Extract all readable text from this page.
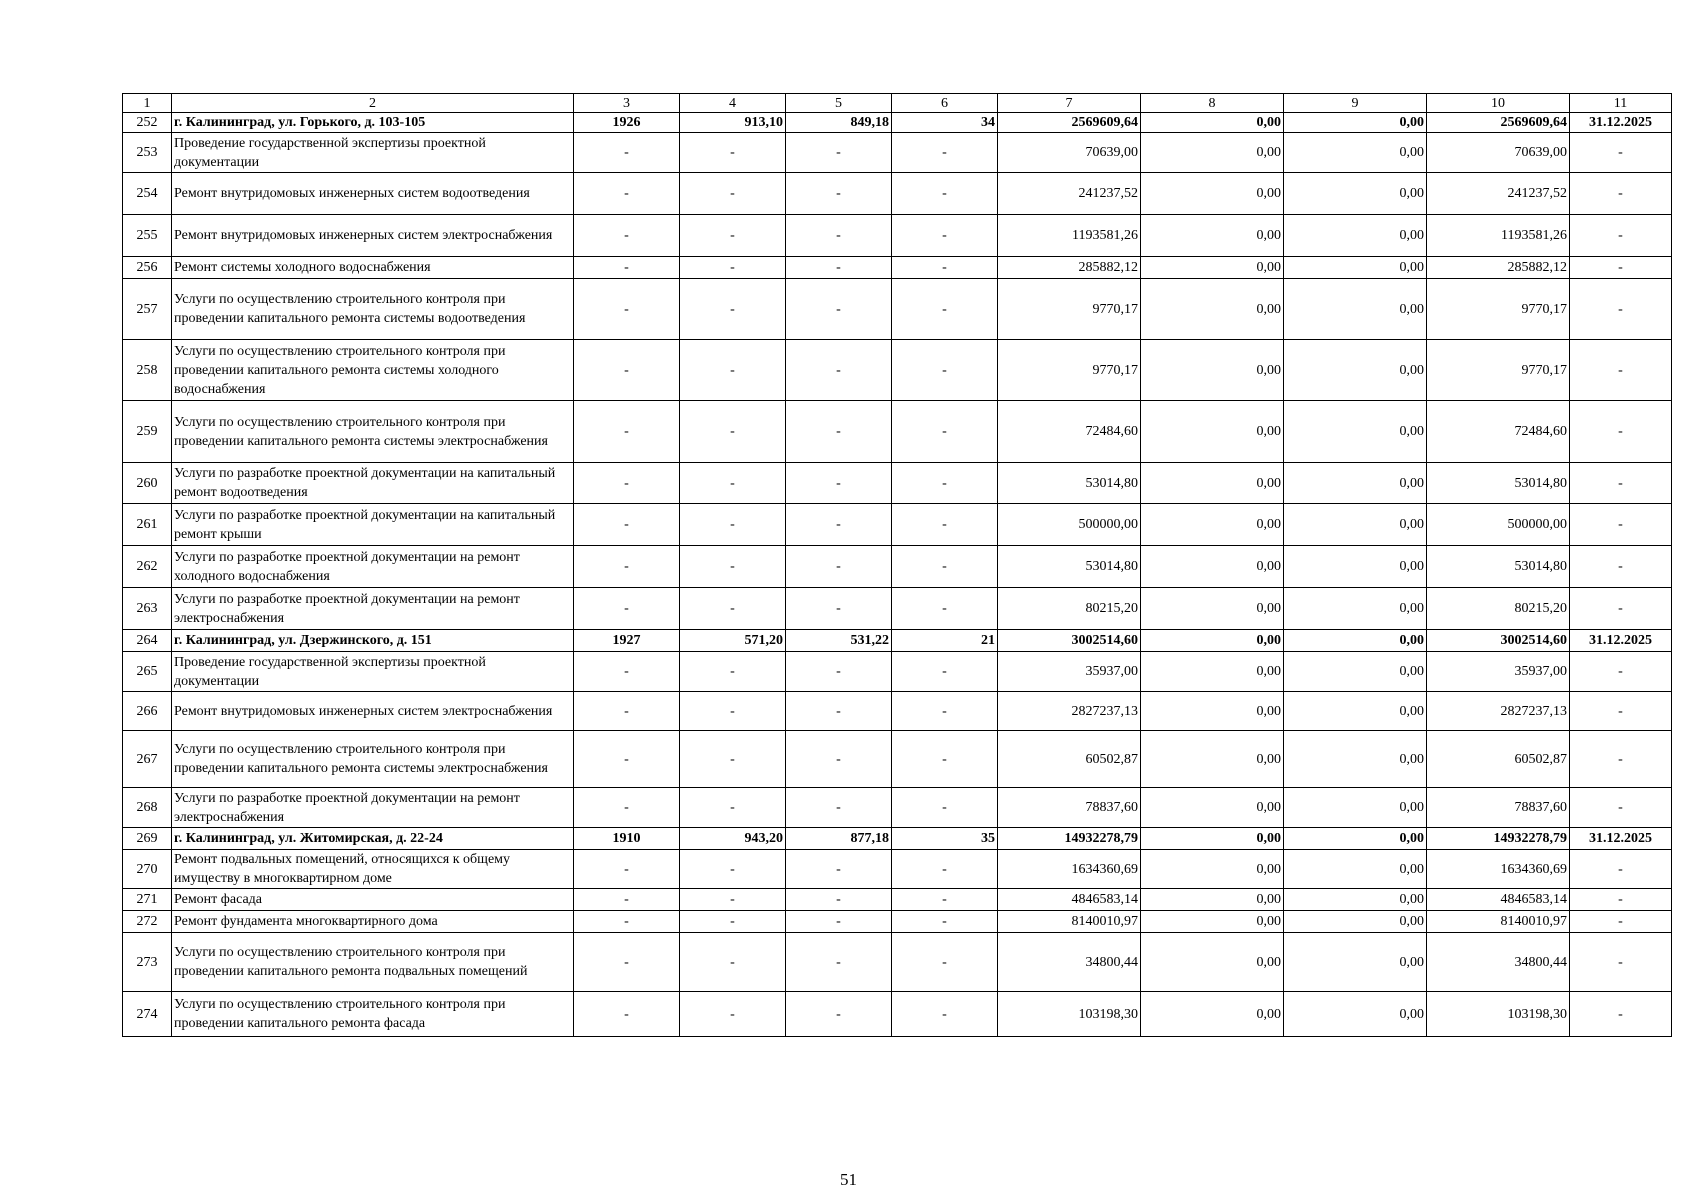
1	2	3	4	5	6	7	8	9	10	11
252	г. Калининград, ул. Горького, д. 103-105	1926	913,10	849,18	34	2569609,64	0,00	0,00	2569609,64	31.12.2025
253	Проведение государственной экспертизы проектной документации	-	-	-	-	70639,00	0,00	0,00	70639,00	-
254	Ремонт внутридомовых инженерных систем водоотведения	-	-	-	-	241237,52	0,00	0,00	241237,52	-
255	Ремонт внутридомовых инженерных систем электроснабжения	-	-	-	-	1193581,26	0,00	0,00	1193581,26	-
256	Ремонт системы холодного водоснабжения	-	-	-	-	285882,12	0,00	0,00	285882,12	-
257	Услуги по осуществлению строительного контроля при проведении капитального ремонта системы водоотведения	-	-	-	-	9770,17	0,00	0,00	9770,17	-
258	Услуги по осуществлению строительного контроля при проведении капитального ремонта системы холодного водоснабжения	-	-	-	-	9770,17	0,00	0,00	9770,17	-
259	Услуги по осуществлению строительного контроля при проведении капитального ремонта системы электроснабжения	-	-	-	-	72484,60	0,00	0,00	72484,60	-
260	Услуги по разработке проектной документации на капитальный ремонт водоотведения	-	-	-	-	53014,80	0,00	0,00	53014,80	-
261	Услуги по разработке проектной документации на капитальный ремонт крыши	-	-	-	-	500000,00	0,00	0,00	500000,00	-
262	Услуги по разработке проектной документации на ремонт холодного водоснабжения	-	-	-	-	53014,80	0,00	0,00	53014,80	-
263	Услуги по разработке проектной документации на ремонт электроснабжения	-	-	-	-	80215,20	0,00	0,00	80215,20	-
264	г. Калининград, ул. Дзержинского, д. 151	1927	571,20	531,22	21	3002514,60	0,00	0,00	3002514,60	31.12.2025
265	Проведение государственной экспертизы проектной документации	-	-	-	-	35937,00	0,00	0,00	35937,00	-
266	Ремонт внутридомовых инженерных систем электроснабжения	-	-	-	-	2827237,13	0,00	0,00	2827237,13	-
267	Услуги по осуществлению строительного контроля при проведении капитального ремонта системы электроснабжения	-	-	-	-	60502,87	0,00	0,00	60502,87	-
268	Услуги по разработке проектной документации на ремонт электроснабжения	-	-	-	-	78837,60	0,00	0,00	78837,60	-
269	г. Калининград, ул. Житомирская, д. 22-24	1910	943,20	877,18	35	14932278,79	0,00	0,00	14932278,79	31.12.2025
270	Ремонт подвальных помещений, относящихся к общему имуществу в многоквартирном доме	-	-	-	-	1634360,69	0,00	0,00	1634360,69	-
271	Ремонт фасада	-	-	-	-	4846583,14	0,00	0,00	4846583,14	-
272	Ремонт фундамента многоквартирного дома	-	-	-	-	8140010,97	0,00	0,00	8140010,97	-
273	Услуги по осуществлению строительного контроля при проведении капитального ремонта подвальных помещений	-	-	-	-	34800,44	0,00	0,00	34800,44	-
274	Услуги по осуществлению строительного контроля при проведении капитального ремонта фасада	-	-	-	-	103198,30	0,00	0,00	103198,30	-
51
